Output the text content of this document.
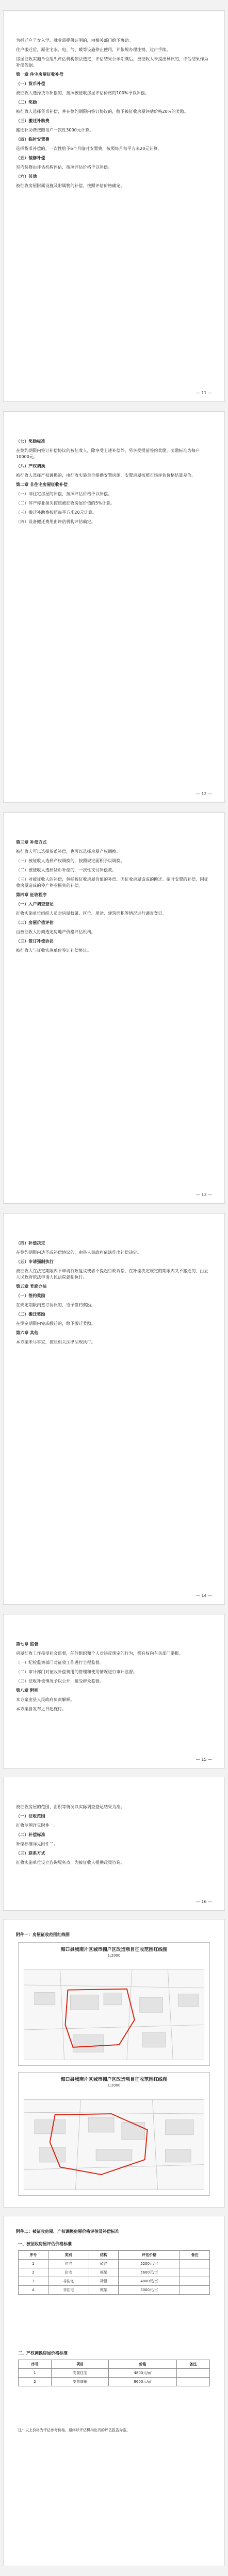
为拆迁户子女入学、就业需提供证明的，由相关部门给予协助。

住户搬迁后，原住宅水、电、气、暖等设施停止使用，并依规办理注销、过户手续。

房屋征收实施单位组织评估机构依法选定，评估结果公示期满后，被征收人未提出异议的，评估结果作为补偿依据。

第一章 住宅房屋征收补偿

（一）货币补偿

被征收人选择货币补偿的，按照被征收房屋评估价格的100%予以补偿。

（二）奖励

被征收人选择货币补偿，并在签约期限内签订协议的，给予被征收房屋评估价格20%的奖励。

（三）搬迁补助费

搬迁补助费按照每户一次性3000元计算。

（四）临时安置费

选择货币补偿的，一次性给予6个月临时安置费，按照每月每平方米20元计算。

（五）装修补偿

室内装修由评估机构评估，按照评估价格予以补偿。

（六）其他

被征收房屋附属设施及附属物的补偿，按照评估价格确定。

— 11 —

（七）奖励标准

在签约期限内签订补偿协议的被征收人，除享受上述补偿外，另享受提前签约奖励，奖励标准为每户10000元。

（八）产权调换

被征收人选择产权调换的，由征收实施单位提供安置房源，安置房屋按照市场评估价格结算差价。

第二章 非住宅房屋征收补偿

（一）非住宅房屋的补偿，按照评估价格予以补偿。

（二）停产停业损失按照被征收房屋价值的5%计算。

（三）搬迁补助费按照每平方米20元计算。

（四）设备搬迁费用由评估机构评估确定。

— 12 —

第三章 补偿方式

被征收人可以选择货币补偿，也可以选择房屋产权调换。

（一）被征收人选择产权调换的，按照规定面积予以调换。

（二）被征收人选择货币补偿的，一次性支付补偿款。

（三）对被征收人的补偿，包括被征收房屋价值的补偿、因征收房屋造成的搬迁、临时安置的补偿、因征收房屋造成的停产停业损失的补偿。

第四章 征收程序

（一）入户调查登记

征收实施单位组织人员对房屋权属、区位、用途、建筑面积等情况进行调查登记。

（二）房屋价值评估

由被征收人协商选定房地产价格评估机构。

（三）签订补偿协议

被征收人与征收实施单位签订补偿协议。

— 13 —

（四）补偿决定

在签约期限内达不成补偿协议的，由县人民政府依法作出补偿决定。

（五）申请强制执行

被征收人在法定期限内不申请行政复议或者不提起行政诉讼，在补偿决定规定的期限内又不搬迁的，由县人民政府依法申请人民法院强制执行。

第五章 奖励办法

（一）签约奖励

在规定期限内签订协议的，给予签约奖励。

（二）搬迁奖励

在规定期限内完成搬迁的，给予搬迁奖励。

第六章 其他

本方案未尽事宜，按照相关法律法规执行。

— 14 —

第七章 监督

房屋征收工作接受社会监督，任何组织和个人对违反规定的行为，都有权向有关部门举报。

（一）纪检监察部门对征收工作进行全程监督。

（二）审计部门对征收补偿费用的管理和使用情况进行审计监督。

（三）征收补偿情况予以公开，接受群众监督。

第八章 附则

本方案由县人民政府负责解释。

本方案自发布之日起施行。

— 15 —

被征收房屋的范围、面积等情况以实际调查登记结果为准。

（一）征收范围

征收范围详见附件一。

（二）补偿标准

补偿标准详见附件二。

（三）联系方式

征收实施单位设立咨询服务点，为被征收人提供政策咨询。

— 16 —
附件一：房屋征收范围红线图
海口县城南片区城市棚户区改造项目征收范围红线图
1:2000
海口县城南片区城市棚户区改造项目征收范围红线图
1:2000
附件二：被征收房屋、产权调换房屋价格评估及补偿标准
一、被征收房屋评估价格标准
序号	类别	结构	评估价格	备注
1	住宅	砖混	5200元/㎡	
2	住宅	框架	5600元/㎡	
3	非住宅	砖混	4800元/㎡	
4	非住宅	框架	5000元/㎡	
二、产权调换房屋价格标准
序号	项目	价格	备注
1	安置住宅	4800元/㎡	
2	安置商铺	9600元/㎡	
注：以上价格为评估参考价格，最终以评估机构出具的评估报告为准。
